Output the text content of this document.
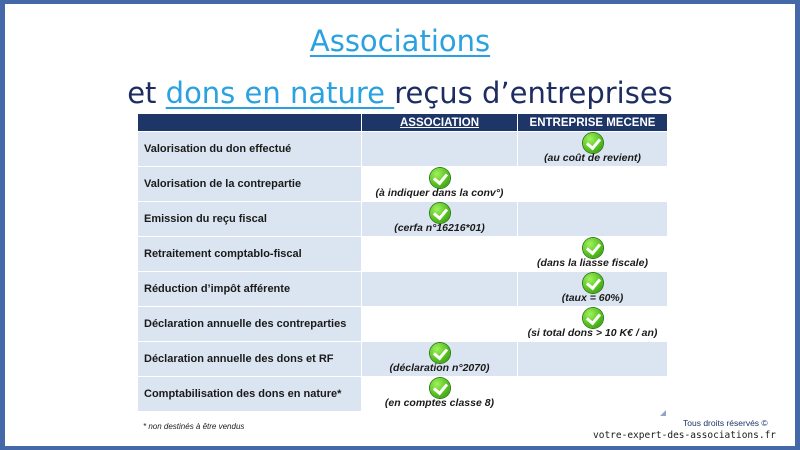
Associations
et dons en nature reçus d’entreprises
	ASSOCIATION	ENTREPRISE MECENE
Valorisation du don effectué		(au coût de revient)

Valorisation de la contrepartie	(à indiquer dans la conv°)	

Emission du reçu fiscal	(cerfa n°16216*01)	

Retraitement comptablo-fiscal		(dans la liasse fiscale)

Réduction d’impôt afférente		(taux = 60%)

Déclaration annuelle des contreparties		(si total dons > 10 K€ / an)

Déclaration annuelle des dons et RF	(déclaration n°2070)	

Comptabilisation des dons en nature*	(en comptes classe 8)	

* non destinés à être vendus	Tous droits réservés ©
votre-expert-des-associations.fr
